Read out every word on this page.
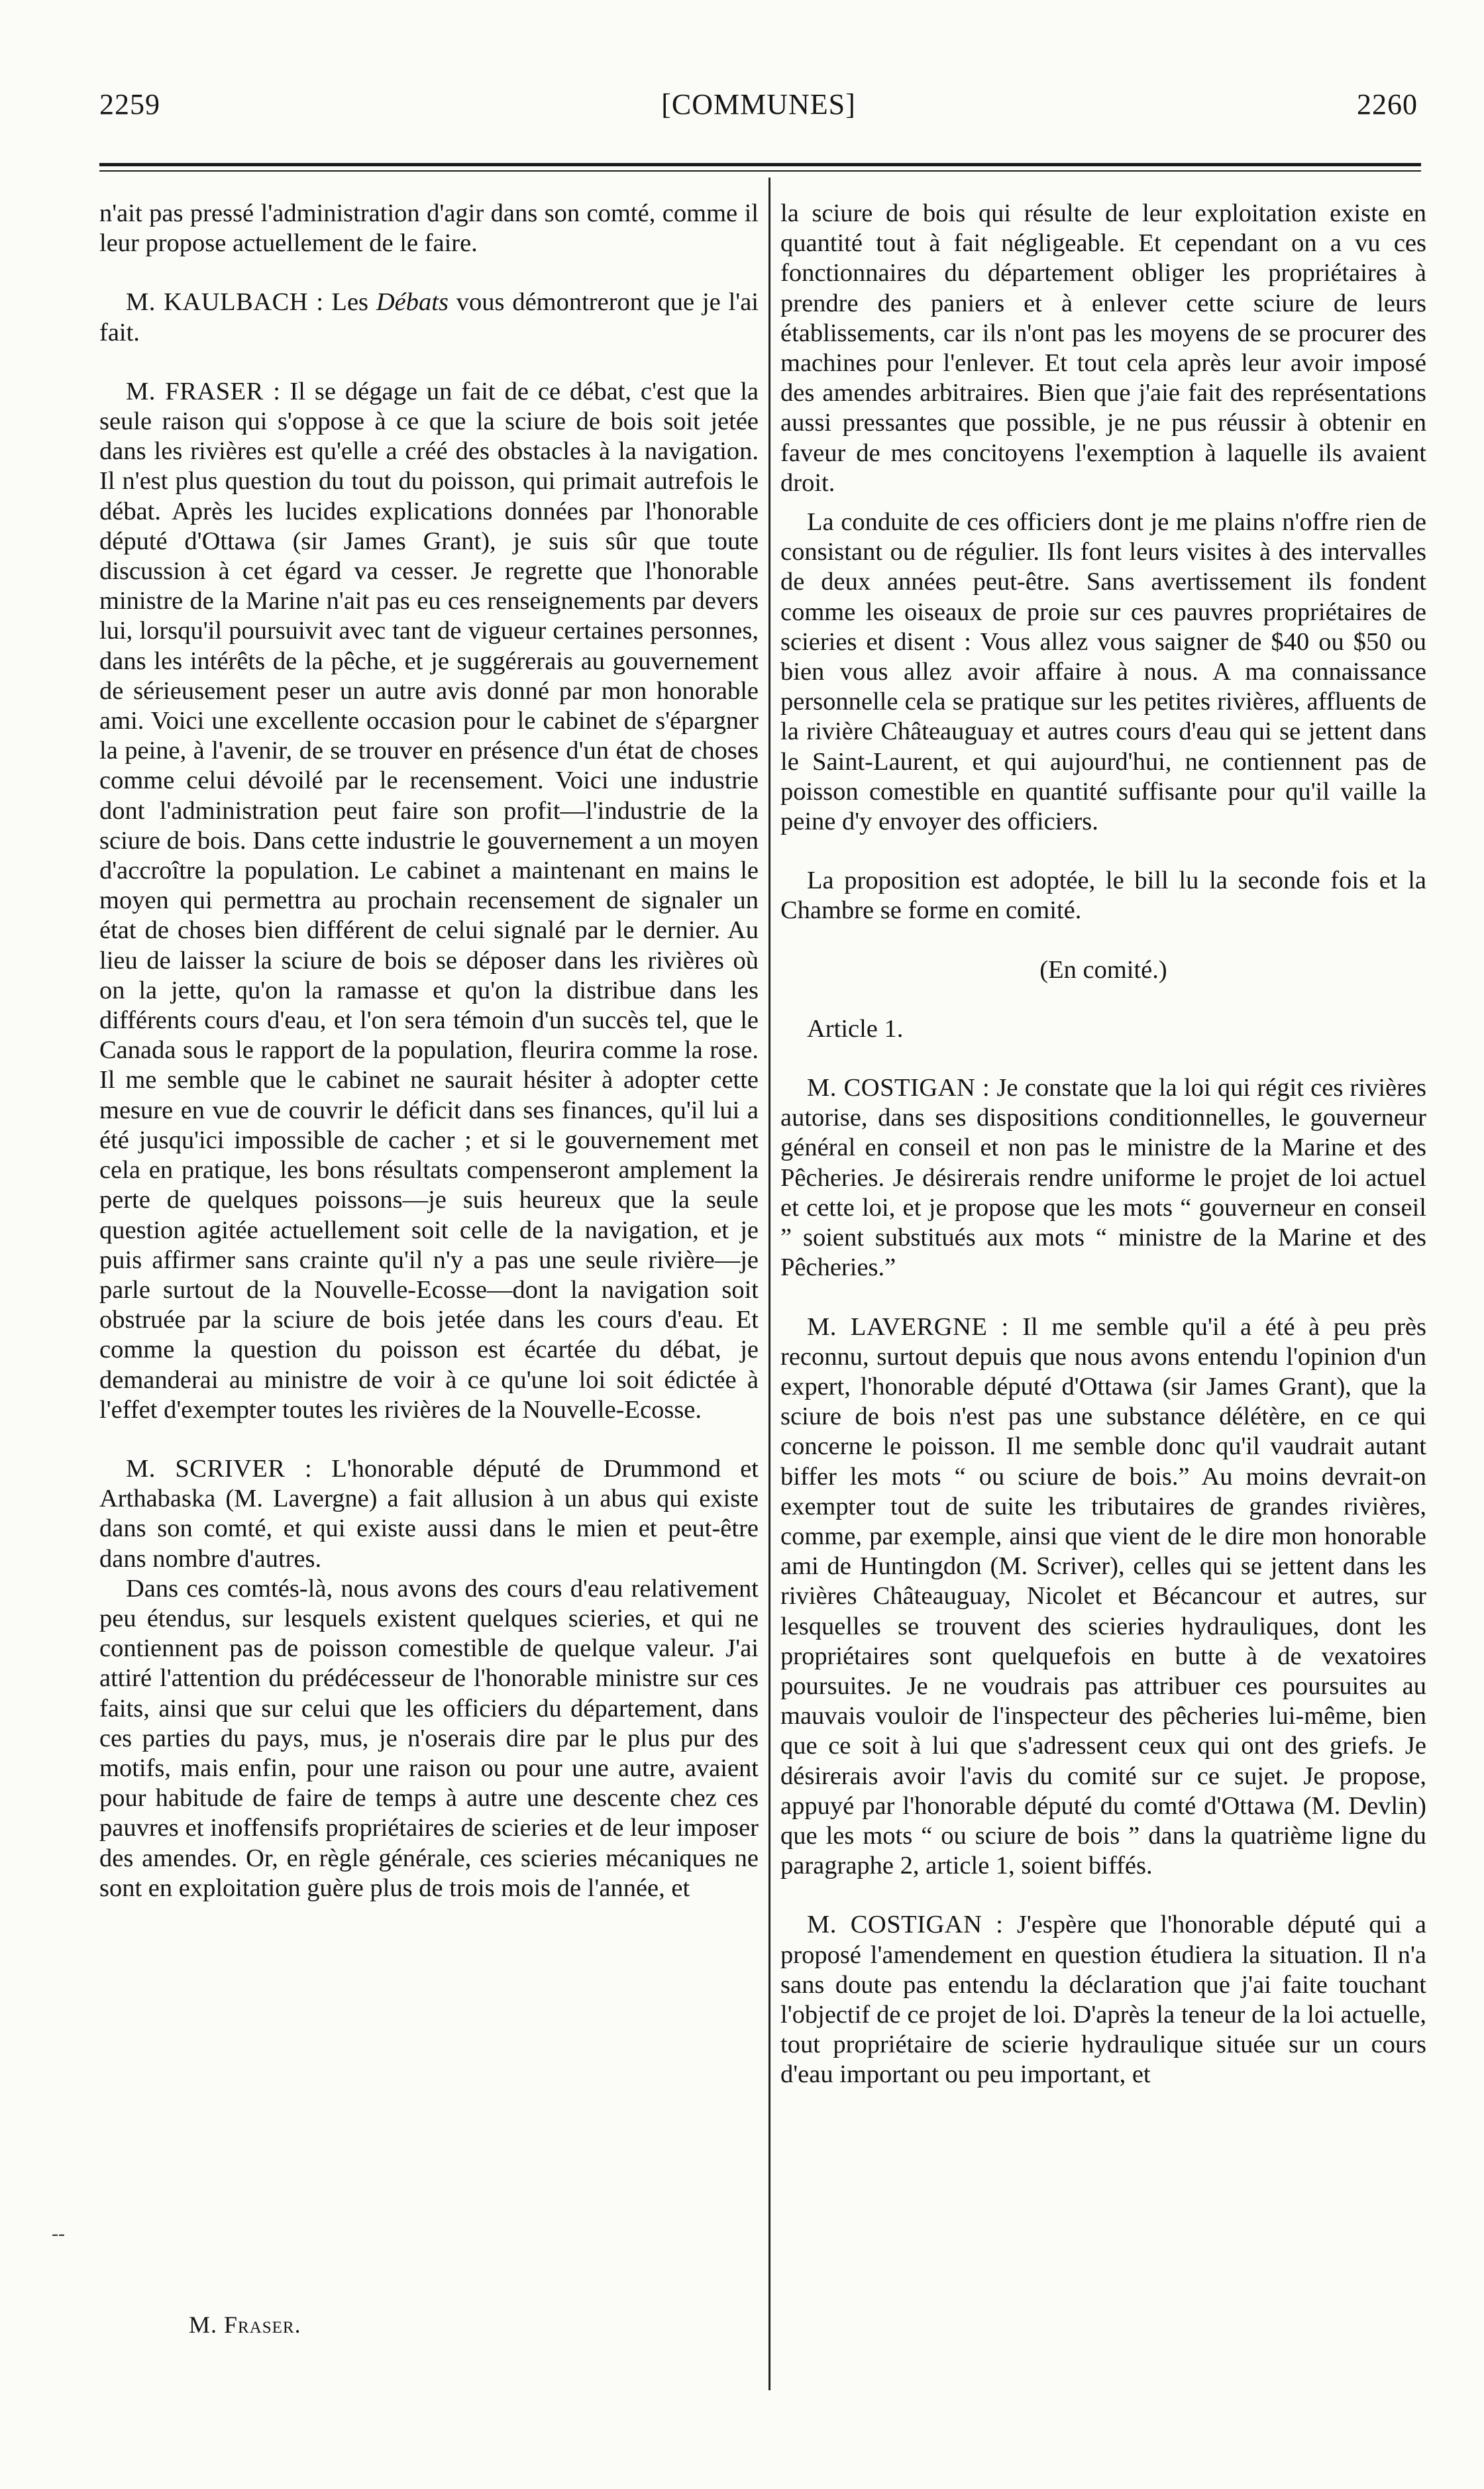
2259	[COMMUNES]	2260

n'ait pas pressé l'administration d'agir dans son comté, comme il leur propose actuellement de le faire.

M. KAULBACH : Les Débats vous démontreront que je l'ai fait.

M. FRASER : Il se dégage un fait de ce débat, c'est que la seule raison qui s'oppose à ce que la sciure de bois soit jetée dans les rivières est qu'elle a créé des obstacles à la navigation. Il n'est plus question du tout du poisson, qui primait autrefois le débat. Après les lucides explications données par l'honorable député d'Ottawa (sir James Grant), je suis sûr que toute discussion à cet égard va cesser. Je regrette que l'honorable ministre de la Marine n'ait pas eu ces renseignements par devers lui, lorsqu'il poursuivit avec tant de vigueur certaines personnes, dans les intérêts de la pêche, et je suggérerais au gouvernement de sérieusement peser un autre avis donné par mon honorable ami. Voici une excellente occasion pour le cabinet de s'épargner la peine, à l'avenir, de se trouver en présence d'un état de choses comme celui dévoilé par le recensement. Voici une industrie dont l'administration peut faire son profit—l'industrie de la sciure de bois. Dans cette industrie le gouvernement a un moyen d'accroître la population. Le cabinet a maintenant en mains le moyen qui permettra au prochain recensement de signaler un état de choses bien différent de celui signalé par le dernier. Au lieu de laisser la sciure de bois se déposer dans les rivières où on la jette, qu'on la ramasse et qu'on la distribue dans les différents cours d'eau, et l'on sera témoin d'un succès tel, que le Canada sous le rapport de la population, fleurira comme la rose. Il me semble que le cabinet ne saurait hésiter à adopter cette mesure en vue de couvrir le déficit dans ses finances, qu'il lui a été jusqu'ici impossible de cacher ; et si le gouvernement met cela en pratique, les bons résultats compenseront amplement la perte de quelques poissons—je suis heureux que la seule question agitée actuellement soit celle de la navigation, et je puis affirmer sans crainte qu'il n'y a pas une seule rivière—je parle surtout de la Nouvelle-Ecosse—dont la navigation soit obstruée par la sciure de bois jetée dans les cours d'eau. Et comme la question du poisson est écartée du débat, je demanderai au ministre de voir à ce qu'une loi soit édictée à l'effet d'exempter toutes les rivières de la Nouvelle-Ecosse.

M. SCRIVER : L'honorable député de Drummond et Arthabaska (M. Lavergne) a fait allusion à un abus qui existe dans son comté, et qui existe aussi dans le mien et peut-être dans nombre d'autres.

Dans ces comtés-là, nous avons des cours d'eau relativement peu étendus, sur lesquels existent quelques scieries, et qui ne contiennent pas de poisson comestible de quelque valeur. J'ai attiré l'attention du prédécesseur de l'honorable ministre sur ces faits, ainsi que sur celui que les officiers du département, dans ces parties du pays, mus, je n'oserais dire par le plus pur des motifs, mais enfin, pour une raison ou pour une autre, avaient pour habitude de faire de temps à autre une descente chez ces pauvres et inoffensifs propriétaires de scieries et de leur imposer des amendes. Or, en règle générale, ces scieries mécaniques ne sont en exploitation guère plus de trois mois de l'année, et

M. Fraser.
--

la sciure de bois qui résulte de leur exploitation existe en quantité tout à fait négligeable. Et cependant on a vu ces fonctionnaires du département obliger les propriétaires à prendre des paniers et à enlever cette sciure de leurs établissements, car ils n'ont pas les moyens de se procurer des machines pour l'enlever. Et tout cela après leur avoir imposé des amendes arbitraires. Bien que j'aie fait des représentations aussi pressantes que possible, je ne pus réussir à obtenir en faveur de mes concitoyens l'exemption à laquelle ils avaient droit.

La conduite de ces officiers dont je me plains n'offre rien de consistant ou de régulier. Ils font leurs visites à des intervalles de deux années peut-être. Sans avertissement ils fondent comme les oiseaux de proie sur ces pauvres propriétaires de scieries et disent : Vous allez vous saigner de $40 ou $50 ou bien vous allez avoir affaire à nous. A ma connaissance personnelle cela se pratique sur les petites rivières, affluents de la rivière Châteauguay et autres cours d'eau qui se jettent dans le Saint-Laurent, et qui aujourd'hui, ne contiennent pas de poisson comestible en quantité suffisante pour qu'il vaille la peine d'y envoyer des officiers.

La proposition est adoptée, le bill lu la seconde fois et la Chambre se forme en comité.

(En comité.)

Article 1.

M. COSTIGAN : Je constate que la loi qui régit ces rivières autorise, dans ses dispositions conditionnelles, le gouverneur général en conseil et non pas le ministre de la Marine et des Pêcheries. Je désirerais rendre uniforme le projet de loi actuel et cette loi, et je propose que les mots “ gouverneur en conseil ” soient substitués aux mots “ ministre de la Marine et des Pêcheries.”

M. LAVERGNE : Il me semble qu'il a été à peu près reconnu, surtout depuis que nous avons entendu l'opinion d'un expert, l'honorable député d'Ottawa (sir James Grant), que la sciure de bois n'est pas une substance délétère, en ce qui concerne le poisson. Il me semble donc qu'il vaudrait autant biffer les mots “ ou sciure de bois.” Au moins devrait-on exempter tout de suite les tributaires de grandes rivières, comme, par exemple, ainsi que vient de le dire mon honorable ami de Huntingdon (M. Scriver), celles qui se jettent dans les rivières Châteauguay, Nicolet et Bécancour et autres, sur lesquelles se trouvent des scieries hydrauliques, dont les propriétaires sont quelquefois en butte à de vexatoires poursuites. Je ne voudrais pas attribuer ces poursuites au mauvais vouloir de l'inspecteur des pêcheries lui-même, bien que ce soit à lui que s'adressent ceux qui ont des griefs. Je désirerais avoir l'avis du comité sur ce sujet. Je propose, appuyé par l'honorable député du comté d'Ottawa (M. Devlin) que les mots “ ou sciure de bois ” dans la quatrième ligne du paragraphe 2, article 1, soient biffés.

M. COSTIGAN : J'espère que l'honorable député qui a proposé l'amendement en question étudiera la situation. Il n'a sans doute pas entendu la déclaration que j'ai faite touchant l'objectif de ce projet de loi. D'après la teneur de la loi actuelle, tout propriétaire de scierie hydraulique située sur un cours d'eau important ou peu important, et
